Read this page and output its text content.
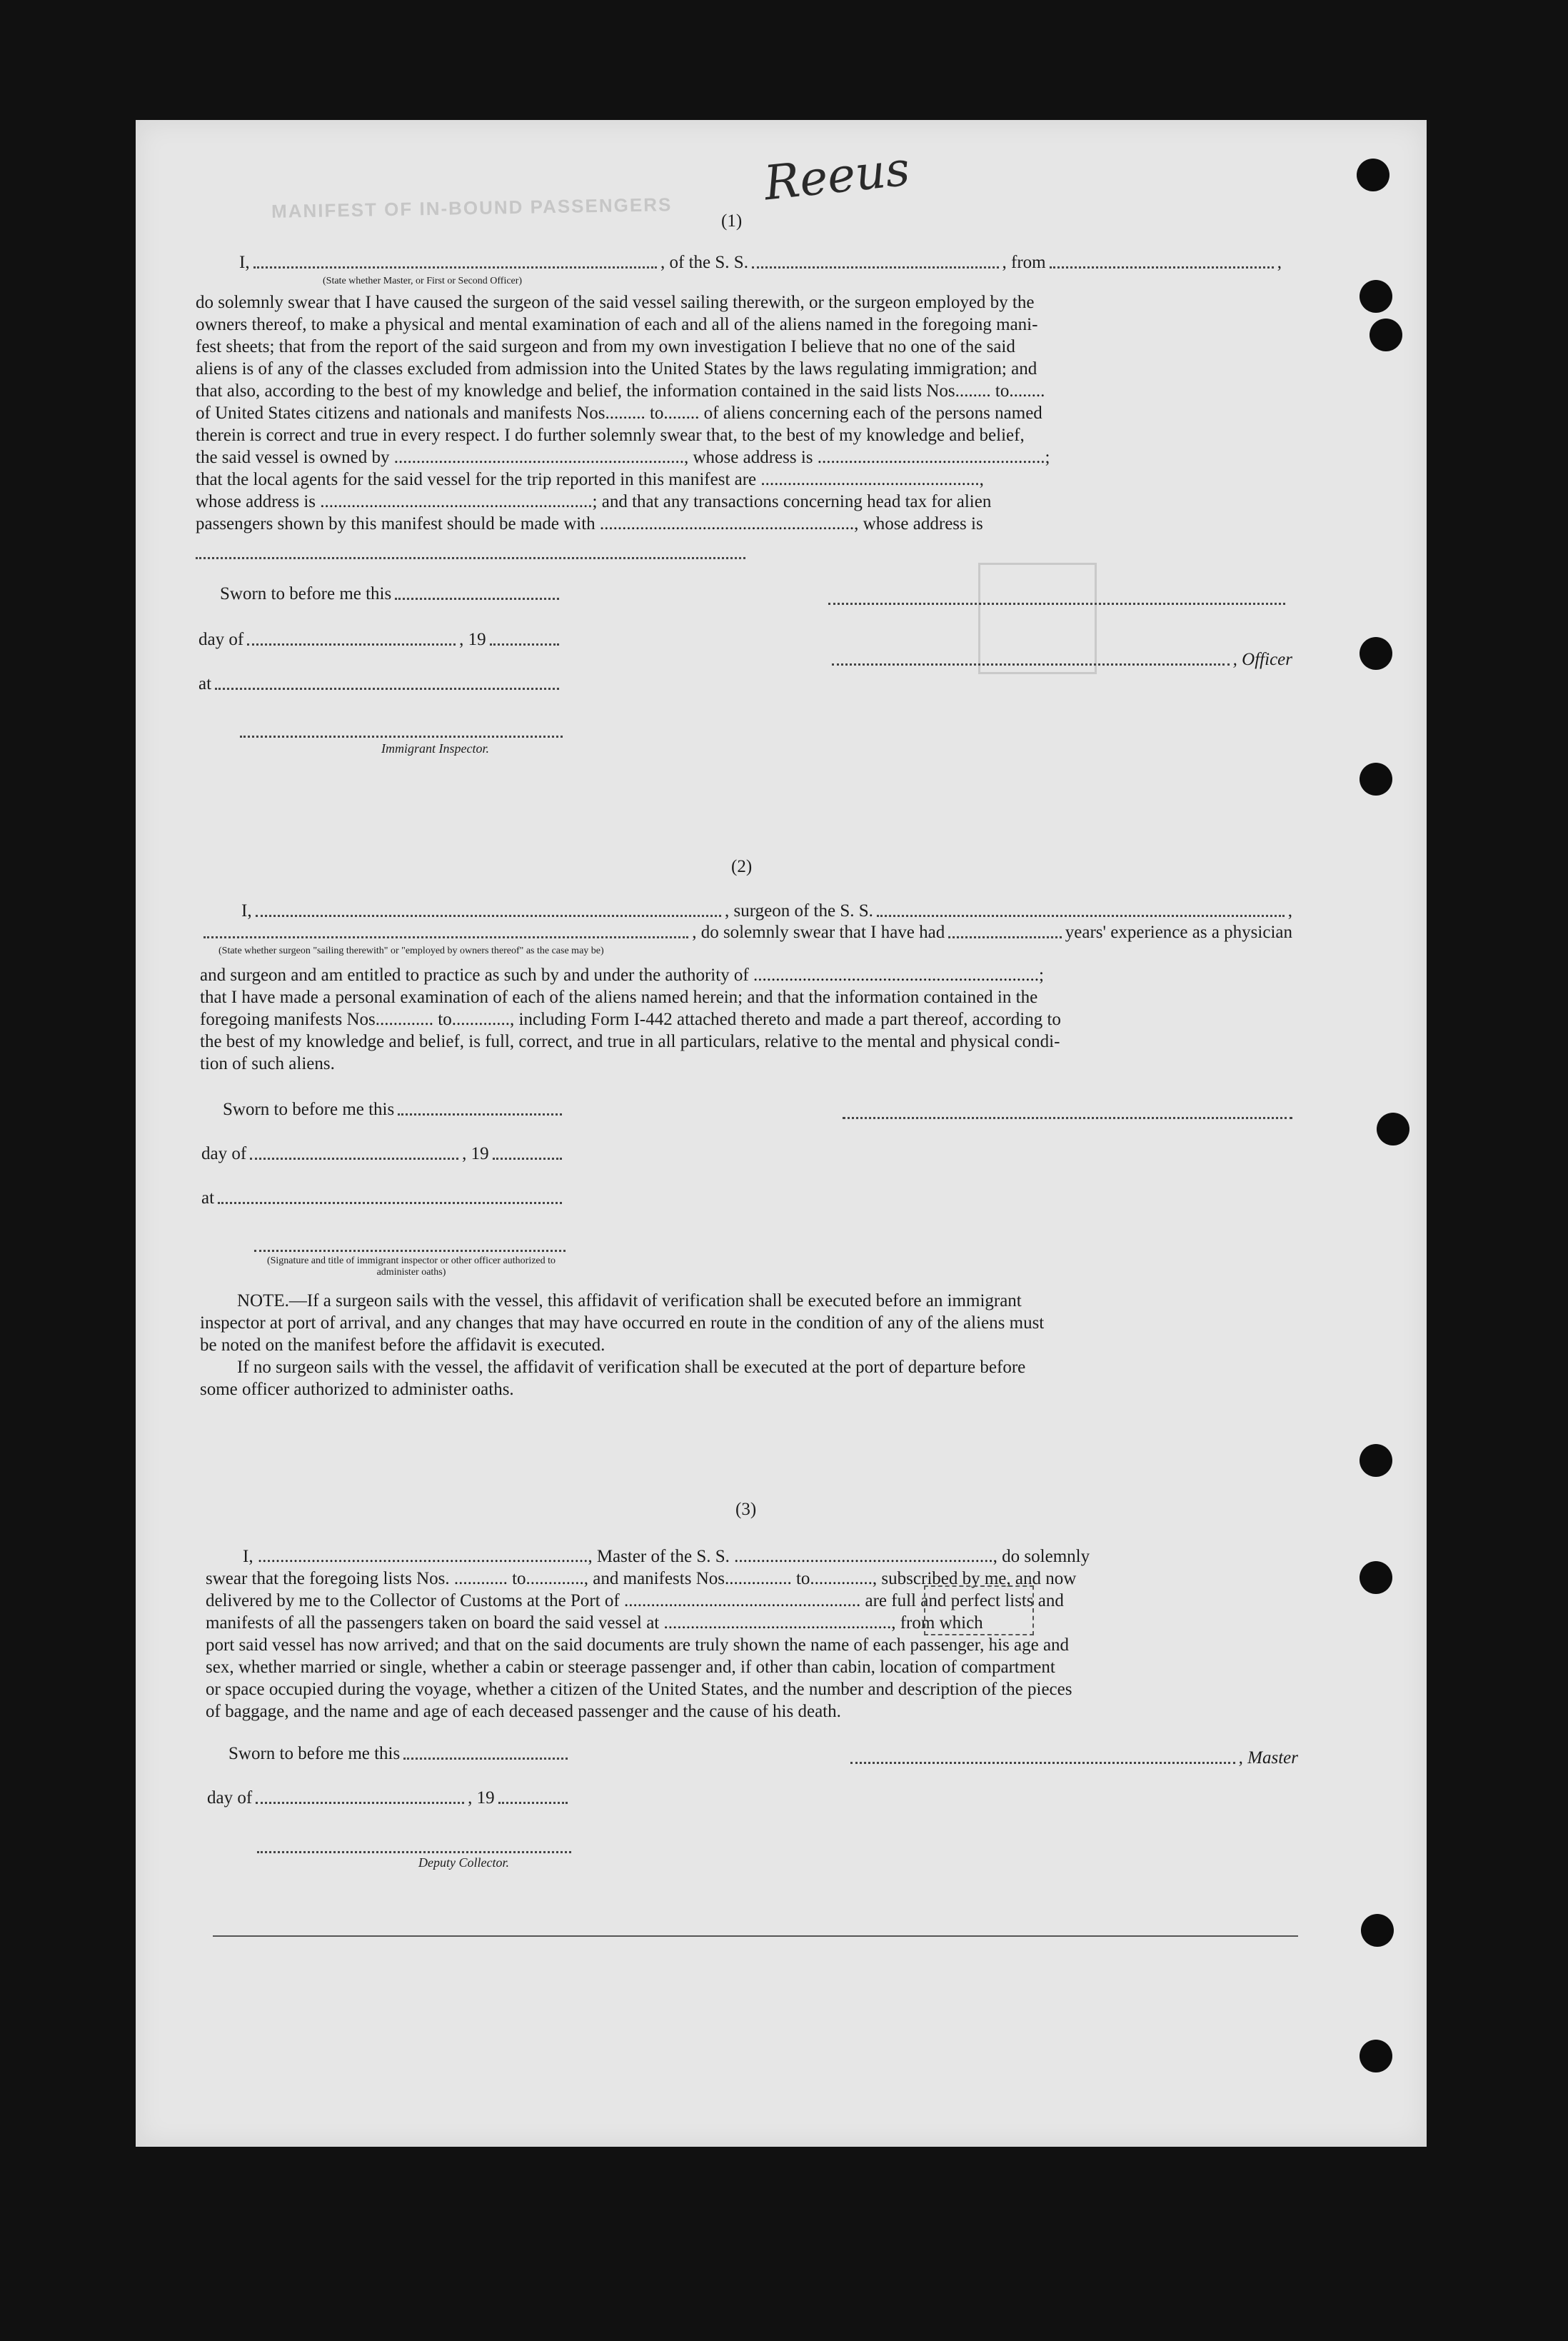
MANIFEST OF IN-BOUND PASSENGERS Reeus
(1)
I,	, of the S. S.	, from	,
(State whether Master, or First or Second Officer)

do solemnly swear that I have caused the surgeon of the said vessel sailing therewith, or the surgeon employed by the

owners thereof, to make a physical and mental examination of each and all of the aliens named in the foregoing mani-

fest sheets; that from the report of the said surgeon and from my own investigation I believe that no one of the said

aliens is of any of the classes excluded from admission into the United States by the laws regulating immigration; and

that also, according to the best of my knowledge and belief, the information contained in the said lists Nos........ to........

of United States citizens and nationals and manifests Nos......... to........ of aliens concerning each of the persons named

therein is correct and true in every respect. I do further solemnly swear that, to the best of my knowledge and belief,

the said vessel is owned by ................................................................., whose address is ...................................................;

that the local agents for the said vessel for the trip reported in this manifest are .................................................,

whose address is .............................................................; and that any transactions concerning head tax for alien

passengers shown by this manifest should be made with ........................................................., whose address is

Sworn to before me this
day of	, 19
, Officer
at
Immigrant Inspector.
(2)
I,	, surgeon of the S. S.	,
, do solemnly swear that I have had	years' experience as a physician
(State whether surgeon "sailing therewith" or "employed by owners thereof" as the case may be)

and surgeon and am entitled to practice as such by and under the authority of ................................................................;

that I have made a personal examination of each of the aliens named herein; and that the information contained in the

foregoing manifests Nos............. to............., including Form I-442 attached thereto and made a part thereof, according to

the best of my knowledge and belief, is full, correct, and true in all particulars, relative to the mental and physical condi-

tion of such aliens.

Sworn to before me this
day of	, 19
at
(Signature and title of immigrant inspector or other officer authorized to administer oaths)

NOTE.—If a surgeon sails with the vessel, this affidavit of verification shall be executed before an immigrant

inspector at port of arrival, and any changes that may have occurred en route in the condition of any of the aliens must

be noted on the manifest before the affidavit is executed.

If no surgeon sails with the vessel, the affidavit of verification shall be executed at the port of departure before

some officer authorized to administer oaths.

(3)

I, .........................................................................., Master of the S. S. .........................................................., do solemnly

swear that the foregoing lists Nos. ............ to............., and manifests Nos............... to.............., subscribed by me, and now

delivered by me to the Collector of Customs at the Port of ..................................................... are full and perfect lists and

manifests of all the passengers taken on board the said vessel at ..................................................., from which

port said vessel has now arrived; and that on the said documents are truly shown the name of each passenger, his age and

sex, whether married or single, whether a cabin or steerage passenger and, if other than cabin, location of compartment

or space occupied during the voyage, whether a citizen of the United States, and the number and description of the pieces

of baggage, and the name and age of each deceased passenger and the cause of his death.

Sworn to before me this	, Master
day of	, 19
Deputy Collector.
